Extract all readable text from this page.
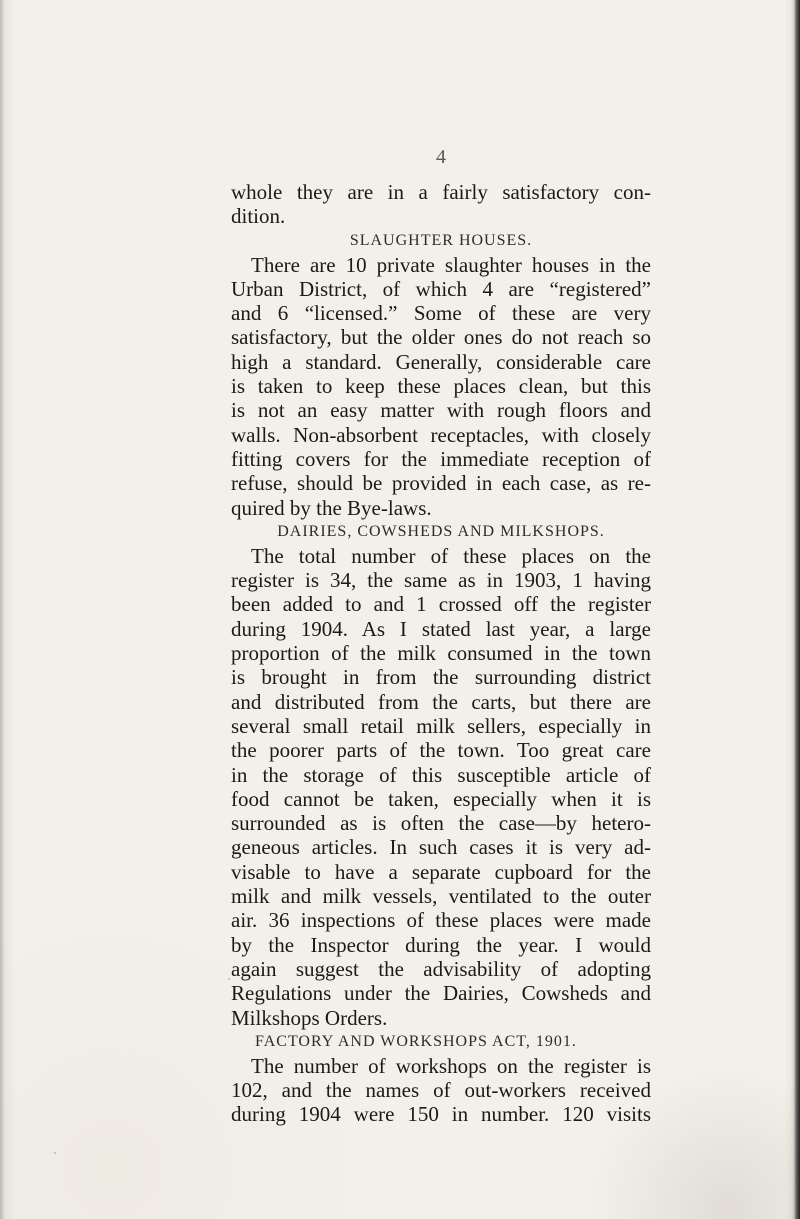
4
whole they are in a fairly satisfactory con-
dition.
SLAUGHTER HOUSES.
There are 10 private slaughter houses in the
Urban District, of which 4 are “registered”
and 6 “licensed.” Some of these are very
satisfactory, but the older ones do not reach so
high a standard. Generally, considerable care
is taken to keep these places clean, but this
is not an easy matter with rough floors and
walls. Non-absorbent receptacles, with closely
fitting covers for the immediate reception of
refuse, should be provided in each case, as re-
quired by the Bye-laws.
DAIRIES, COWSHEDS AND MILKSHOPS.
The total number of these places on the
register is 34, the same as in 1903, 1 having
been added to and 1 crossed off the register
during 1904. As I stated last year, a large
proportion of the milk consumed in the town
is brought in from the surrounding district
and distributed from the carts, but there are
several small retail milk sellers, especially in
the poorer parts of the town. Too great care
in the storage of this susceptible article of
food cannot be taken, especially when it is
surrounded as is often the case—by hetero-
geneous articles. In such cases it is very ad-
visable to have a separate cupboard for the
milk and milk vessels, ventilated to the outer
air. 36 inspections of these places were made
by the Inspector during the year. I would
again suggest the advisability of adopting
Regulations under the Dairies, Cowsheds and
Milkshops Orders.
FACTORY AND WORKSHOPS ACT, 1901.
The number of workshops on the register is
102, and the names of out-workers received
during 1904 were 150 in number. 120 visits
